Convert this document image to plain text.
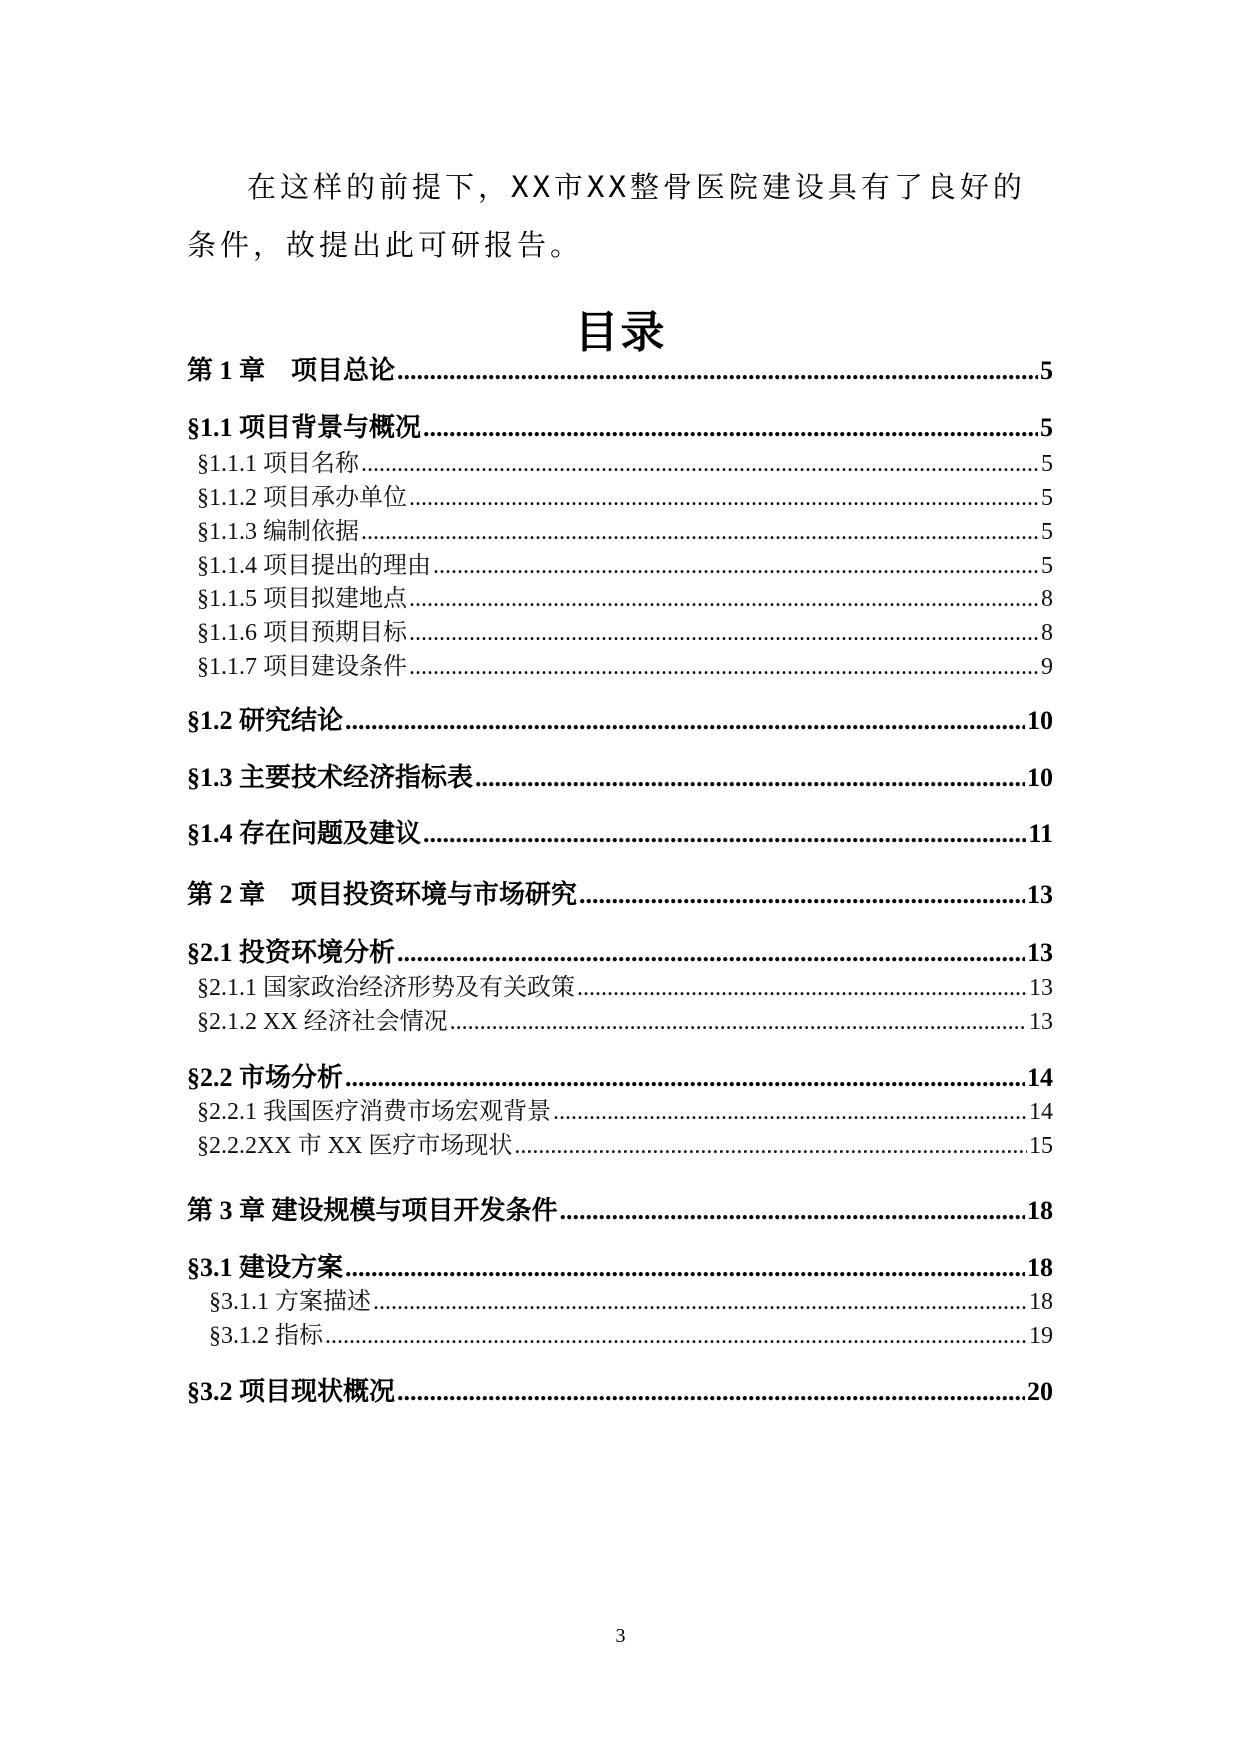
在这样的前提下，XX市XX整骨医院建设具有了良好的
条件，故提出此可研报告。

目录
第 1 章　项目总论 .....	5
§1.1 项目背景与概况 .....	5
§1.1.1 项目名称 .....	5
§1.1.2 项目承办单位 .....	5
§1.1.3 编制依据 .....	5
§1.1.4 项目提出的理由 .....	5
§1.1.5 项目拟建地点 .....	8
§1.1.6 项目预期目标 .....	8
§1.1.7 项目建设条件 .....	9
§1.2 研究结论 .....	10
§1.3 主要技术经济指标表 .....	10
§1.4 存在问题及建议 .....	11
第 2 章　项目投资环境与市场研究 .....	13
§2.1 投资环境分析 .....	13
§2.1.1 国家政治经济形势及有关政策 .....	13
§2.1.2 XX 经济社会情况 .....	13
§2.2 市场分析 .....	14
§2.2.1 我国医疗消费市场宏观背景 .....	14
§2.2.2XX 市 XX 医疗市场现状 .....	15
第 3 章 建设规模与项目开发条件 .....	18
§3.1 建设方案 .....	18
§3.1.1 方案描述 .....	18
§3.1.2 指标 .....	19
§3.2 项目现状概况 .....	20
3
